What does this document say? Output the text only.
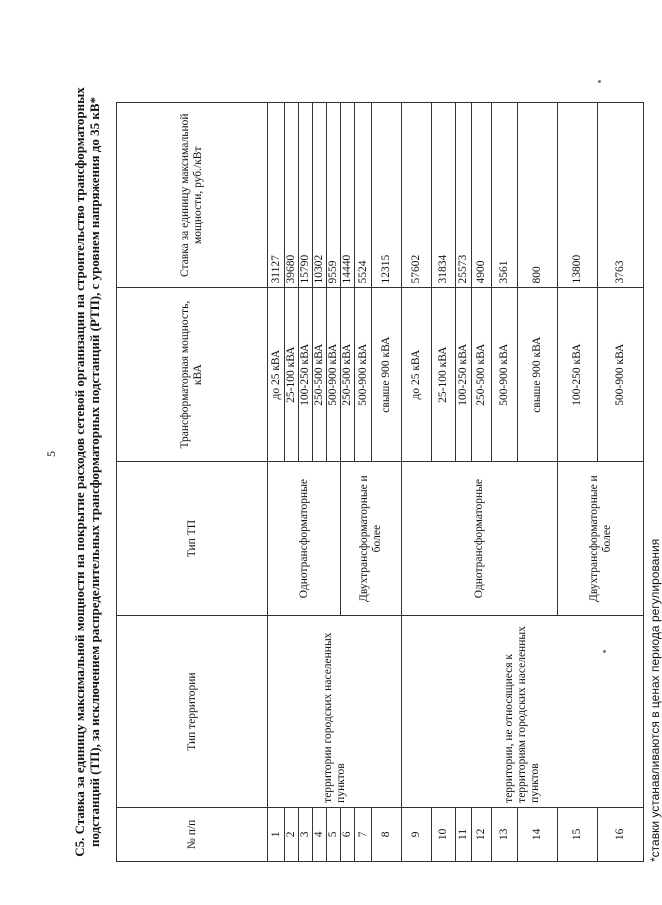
5 С5. Ставка за единицу максимальной мощности на покрытие расходов сетевой организации на строительство трансформаторных подстанций (ТП), за исключением распределительных трансформаторных подстанций (РТП), с уровнем напряжения до 35 кВ*	№ п/п	Тип территории	Тип ТП	Трансформаторная мощность, кВА	Ставка за единицу максимальной мощности, руб./кВт
1	территории городских населенных пунктов	Однотрансформаторные	до 25 кВА	31127
2			25-100 кВА	39680
3			100-250 кВА	15790
4			250-500 кВА	10302
5			500-900 кВА	9559
6		Двухтрансформаторные и более	250-500 кВА	14440
7			500-900 кВА	5524
8			свыше 900 кВА	12315
9	территории, не относящиеся к территориям городских населенных пунктов	Однотрансформаторные	до 25 кВА	57602
10			25-100 кВА	31834
11			100-250 кВА	25573
12			250-500 кВА	4900
13			500-900 кВА	3561
14			свыше 900 кВА	800
15		Двухтрансформаторные и более	100-250 кВА	13800
16			500-900 кВА	3763
*ставки устанавливаются в ценах периода регулирования
